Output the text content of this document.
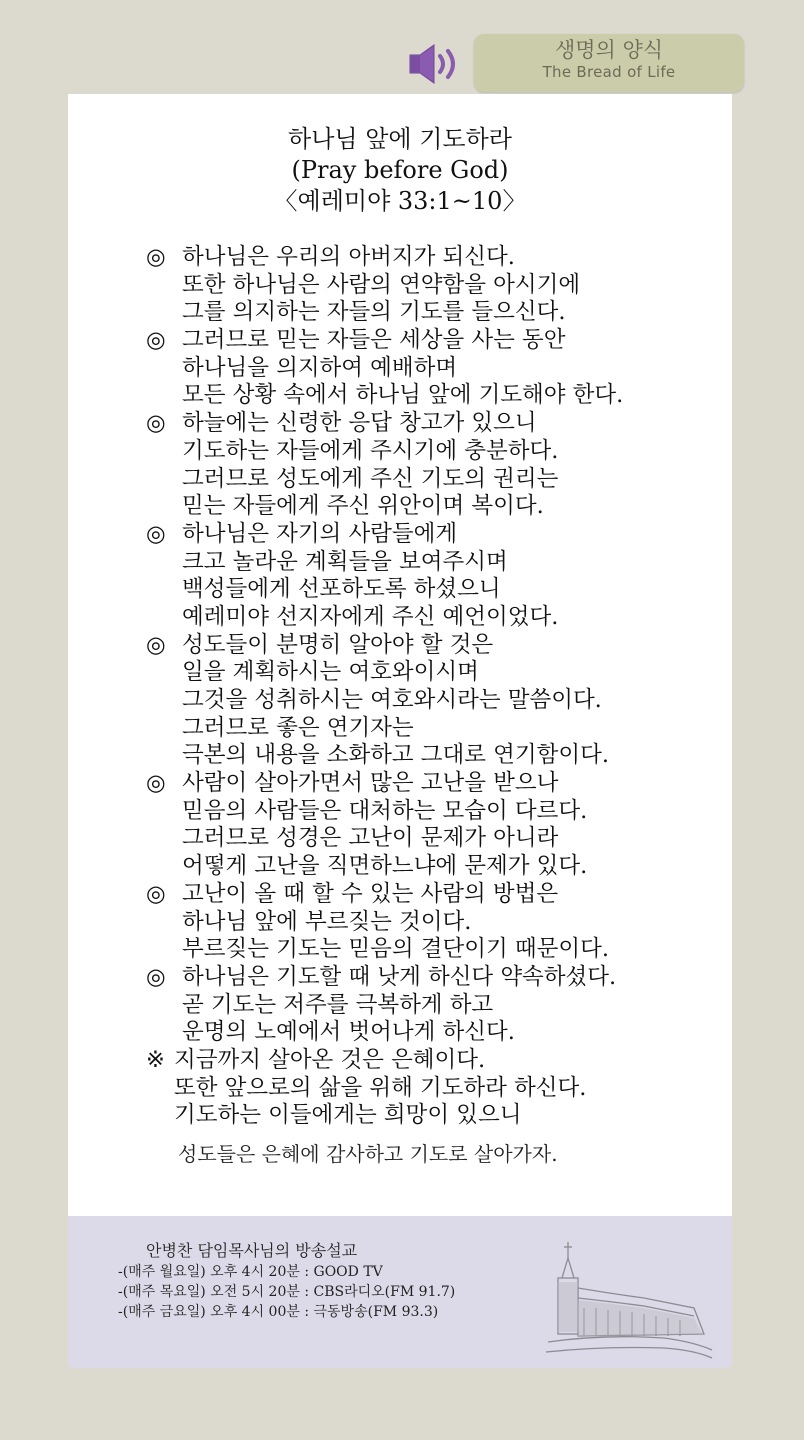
생명의 양식
The Bread of Life
하나님 앞에 기도하라
(Pray before God)
〈예레미야 33:1~10〉
◎ 하나님은 우리의 아버지가 되신다.
또한 하나님은 사람의 연약함을 아시기에
그를 의지하는 자들의 기도를 들으신다.
◎ 그러므로 믿는 자들은 세상을 사는 동안
하나님을 의지하여 예배하며
모든 상황 속에서 하나님 앞에 기도해야 한다.
◎ 하늘에는 신령한 응답 창고가 있으니
기도하는 자들에게 주시기에 충분하다.
그러므로 성도에게 주신 기도의 권리는
믿는 자들에게 주신 위안이며 복이다.
◎ 하나님은 자기의 사람들에게
크고 놀라운 계획들을 보여주시며
백성들에게 선포하도록 하셨으니
예레미야 선지자에게 주신 예언이었다.
◎ 성도들이 분명히 알아야 할 것은
일을 계획하시는 여호와이시며
그것을 성취하시는 여호와시라는 말씀이다.
그러므로 좋은 연기자는
극본의 내용을 소화하고 그대로 연기함이다.
◎ 사람이 살아가면서 많은 고난을 받으나
믿음의 사람들은 대처하는 모습이 다르다.
그러므로 성경은 고난이 문제가 아니라
어떻게 고난을 직면하느냐에 문제가 있다.
◎ 고난이 올 때 할 수 있는 사람의 방법은
하나님 앞에 부르짖는 것이다.
부르짖는 기도는 믿음의 결단이기 때문이다.
◎ 하나님은 기도할 때 낫게 하신다 약속하셨다.
곧 기도는 저주를 극복하게 하고
운명의 노예에서 벗어나게 하신다.
※ 지금까지 살아온 것은 은혜이다.
또한 앞으로의 삶을 위해 기도하라 하신다.
기도하는 이들에게는 희망이 있으니
성도들은 은혜에 감사하고 기도로 살아가자.
안병찬 담임목사님의 방송설교
-(매주 월요일) 오후 4시 20분 : GOOD TV
-(매주 목요일) 오전 5시 20분 : CBS라디오(FM 91.7)
-(매주 금요일) 오후 4시 00분 : 극동방송(FM 93.3)
